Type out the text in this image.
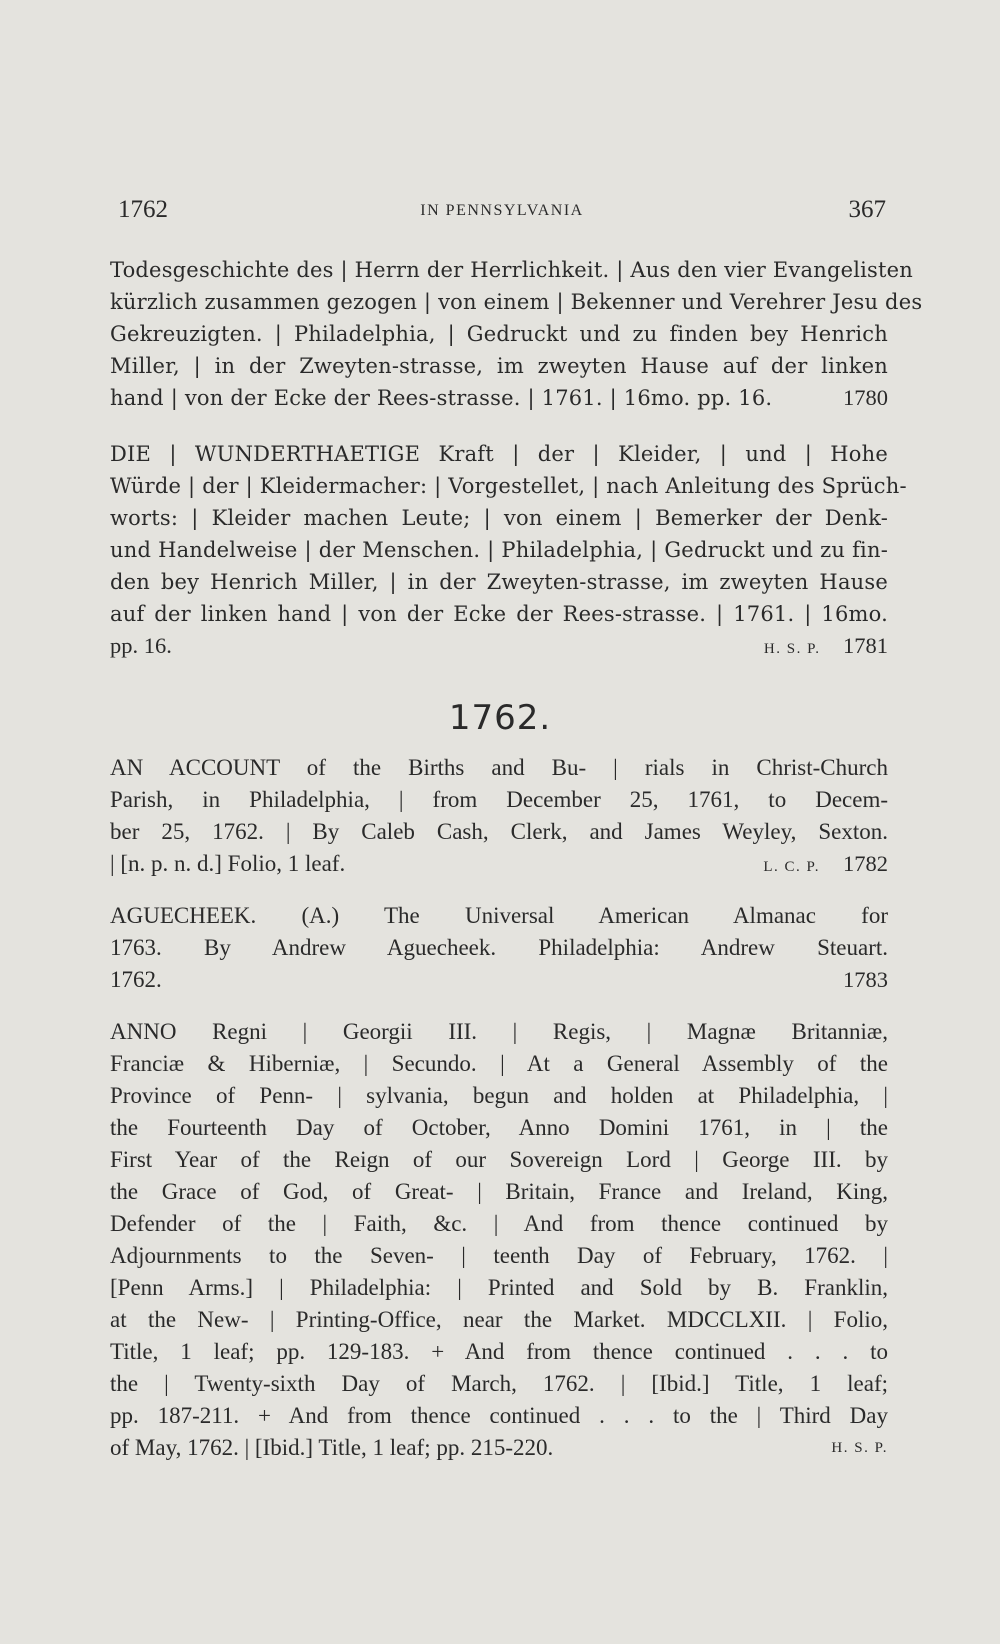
1762	IN PENNSYLVANIA	367
Todesgeschichte des | Herrn der Herrlichkeit. | Aus den vier Evangelisten
kürzlich zusammen gezogen | von einem | Bekenner und Verehrer Jesu des
Gekreuzigten. | Philadelphia, | Gedruckt und zu finden bey Henrich
Miller, | in der Zweyten-strasse, im zweyten Hause auf der linken
hand | von der Ecke der Rees-strasse. | 1761. | 16mo. pp. 16.	1780
DIE | WUNDERTHAETIGE Kraft | der | Kleider, | und | Hohe
Würde | der | Kleidermacher: | Vorgestellet, | nach Anleitung des Sprüch-
worts: | Kleider machen Leute; | von einem | Bemerker der Denk-
und Handelweise | der Menschen. | Philadelphia, | Gedruckt und zu fin-
den bey Henrich Miller, | in der Zweyten-strasse, im zweyten Hause
auf der linken hand | von der Ecke der Rees-strasse. | 1761. | 16mo.
pp. 16.	H. S. P. 1781
1762.
AN ACCOUNT of the Births and Bu- | rials in Christ-Church
Parish, in Philadelphia, | from December 25, 1761, to Decem-
ber 25, 1762. | By Caleb Cash, Clerk, and James Weyley, Sexton.
| [n. p. n. d.] Folio, 1 leaf.	L. C. P. 1782
AGUECHEEK. (A.) The Universal American Almanac for
1763. By Andrew Aguecheek. Philadelphia: Andrew Steuart.
1762.	1783
ANNO Regni | Georgii III. | Regis, | Magnæ Britanniæ,
Franciæ & Hiberniæ, | Secundo. | At a General Assembly of the
Province of Penn- | sylvania, begun and holden at Philadelphia, |
the Fourteenth Day of October, Anno Domini 1761, in | the
First Year of the Reign of our Sovereign Lord | George III. by
the Grace of God, of Great- | Britain, France and Ireland, King,
Defender of the | Faith, &c. | And from thence continued by
Adjournments to the Seven- | teenth Day of February, 1762. |
[Penn Arms.] | Philadelphia: | Printed and Sold by B. Franklin,
at the New- | Printing-Office, near the Market. MDCCLXII. | Folio,
Title, 1 leaf; pp. 129-183. + And from thence continued . . . to
the | Twenty-sixth Day of March, 1762. | [Ibid.] Title, 1 leaf;
pp. 187-211. + And from thence continued . . . to the | Third Day
of May, 1762. | [Ibid.] Title, 1 leaf; pp. 215-220.	H. S. P.
